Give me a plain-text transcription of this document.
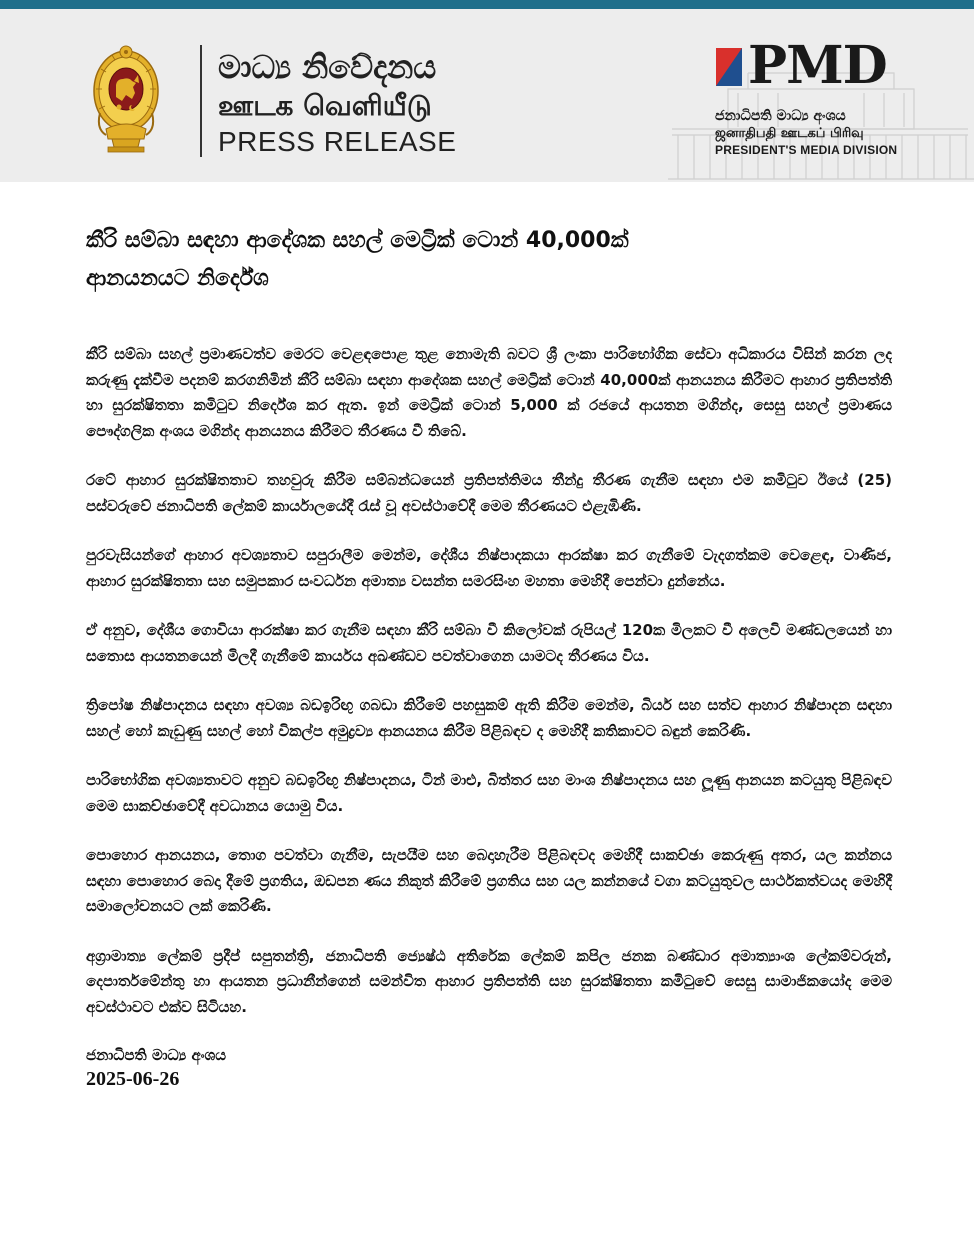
මාධ්‍ය නිවේදනය
ஊடக வெளியீடு
PRESS RELEASE
PMD
ජනාධිපති මාධ්‍ය අංශය
ஜனாதிபதி ஊடகப் பிரிவு
PRESIDENT'S MEDIA DIVISION
කීරි සම්බා සඳහා ආදේශක සහල් මෙට්‍රික් ටොන් 40,000ක්
ආනයනයට නිර්දේශ

කීරි සම්බා සහල් ප්‍රමාණවත්ව මෙරට වෙළඳපොළ තුළ නොමැති බවට ශ්‍රී ලංකා පාරිභෝගික සේවා අධිකාරය විසින් කරන ලද කරුණු දැක්වීම පදනම් කරගනිමින් කීරි සම්බා සඳහා ආදේශක සහල් මෙට්‍රික් ටොන් 40,000ක් ආනයනය කිරීමට ආහාර ප්‍රතිපත්ති හා සුරක්ෂිතතා කමිටුව නිර්දේශ කර ඇත. ඉන් මෙට්‍රික් ටොන් 5,000 ක් රජයේ ආයතන මගින්ද, සෙසු සහල් ප්‍රමාණය පෞද්ගලික අංශය මගින්ද ආනයනය කිරීමට තීරණය වී තිබේ.

රටේ ආහාර සුරක්ෂිතතාව තහවුරු කිරීම සම්බන්ධයෙන් ප්‍රතිපත්තිමය තීන්දු තීරණ ගැනීම සඳහා එම කමිටුව ඊයේ (25) පස්වරුවේ ජනාධිපති ලේකම් කාර්යාලයේදී රැස් වූ අවස්ථාවේදී මෙම තීරණයට එළැඹිණි.

පුරවැසියන්ගේ ආහාර අවශ්‍යතාව සපුරාලීම මෙන්ම, දේශීය නිෂ්පාදකයා ආරක්ෂා කර ගැනීමේ වැදගත්කම වෙළෙඳ, වාණිජ, ආහාර සුරක්ෂිතතා සහ සමුපකාර සංවර්ධන අමාත්‍ය වසන්ත සමරසිංහ මහතා මෙහිදී පෙන්වා දුන්නේය.

ඒ අනුව, දේශීය ගොවියා ආරක්ෂා කර ගැනීම සඳහා කීරි සම්බා වී කිලෝවක් රුපියල් 120ක මිලකට වී අලෙවි මණ්ඩලයෙන් හා සතොස ආයතනයෙන් මිලදී ගැනීමේ කාර්යය අඛණ්ඩව පවත්වාගෙන යාමටද තීරණය විය.

ත්‍රිපෝෂ නිෂ්පාදනය සඳහා අවශ්‍ය බඩඉරිඟු ගබඩා කිරීමේ පහසුකම් ඇති කිරීම මෙන්ම, බියර් සහ සත්ව ආහාර නිෂ්පාදන සඳහා සහල් හෝ කැඩුණු සහල් හෝ විකල්ප අමුද්‍රව්‍ය ආනයනය කිරීම පිළිබඳව ද මෙහිදී කතිකාවට බඳුන් කෙරිණි.

පාරිභෝගික අවශ්‍යතාවට අනුව බඩඉරිඟු නිෂ්පාදනය, ටින් මාළු, බිත්තර සහ මාංශ නිෂ්පාදනය සහ ලූණු ආනයන කටයුතු පිළිබඳව මෙම සාකච්ඡාවේදී අවධානය යොමු විය.

පොහොර ආනයනය, තොග පවත්වා ගැනීම, සැපයීම සහ බෙදාහැරීම පිළිබඳවද මෙහිදී සාකච්ඡා කෙරුණු අතර, යල කන්නය සඳහා පොහොර බෙදා දීමේ ප්‍රගතිය, ඔඩපන ණය නිකුත් කිරීමේ ප්‍රගතිය සහ යල කන්නයේ වගා කටයුතුවල සාර්ථකත්වයද මෙහිදී සමාලෝචනයට ලක් කෙරිණි.

අග්‍රාමාත්‍ය ලේකම් ප්‍රදීප් සපුතන්ත්‍රි, ජනාධිපති ජ්‍යෙෂ්ඨ අතිරේක ලේකම් කපිල ජනක බණ්ඩාර අමාත්‍යාංශ ලේකම්වරුන්, දෙපාර්තමේන්තු හා ආයතන ප්‍රධානීන්ගෙන් සමන්විත ආහාර ප්‍රතිපත්ති සහ සුරක්ෂිතතා කමිටුවේ සෙසු සාමාජිකයෝද මෙම අවස්ථාවට එක්ව සිටියහ.

ජනාධිපති මාධ්‍ය අංශය
2025-06-26
